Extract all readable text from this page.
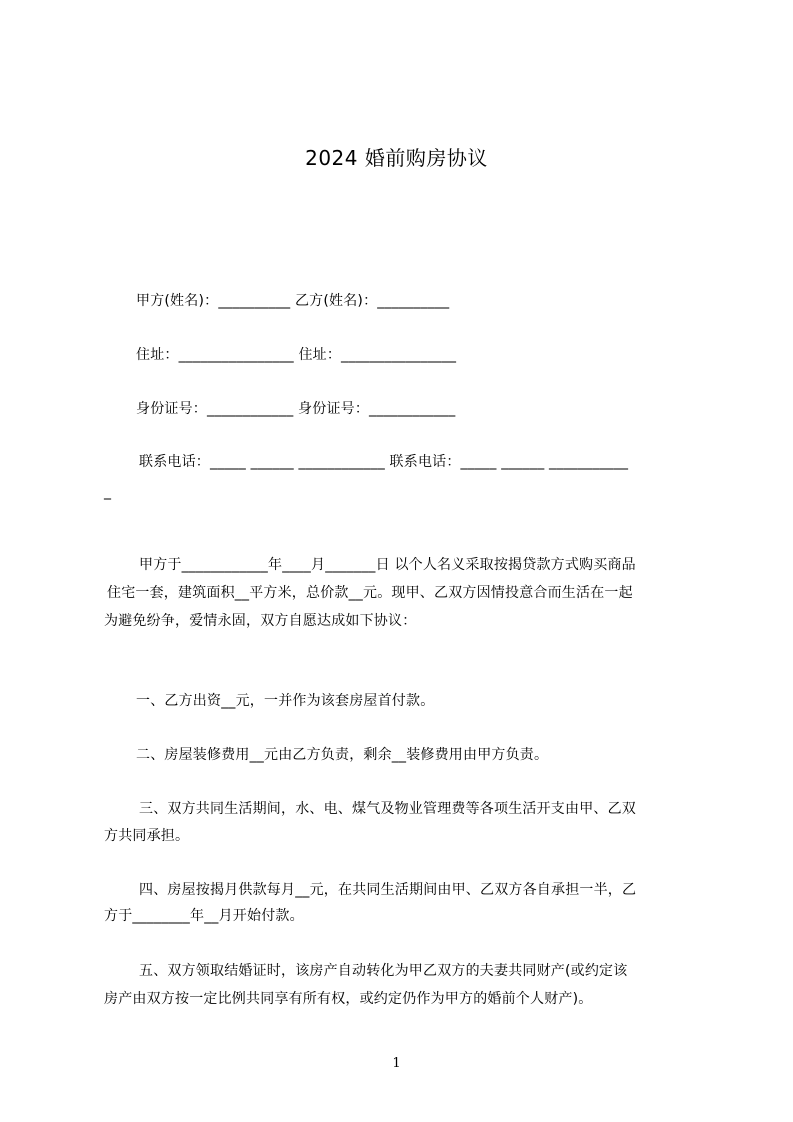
2024 婚前购房协议
甲方(姓名)：__________ 乙方(姓名)：__________
住址：________________ 住址：________________
身份证号：____________ 身份证号：____________
联系电话：_____ ______ ____________ 联系电话：_____ ______ ___________
_
甲方于____________年____月_______日 以个人名义采取按揭贷款方式购买商品
住宅一套，建筑面积__平方米，总价款__元。现甲、乙双方因情投意合而生活在一起
为避免纷争，爱情永固，双方自愿达成如下协议：
一、乙方出资__元，一并作为该套房屋首付款。
二、房屋装修费用__元由乙方负责，剩余__装修费用由甲方负责。
三、双方共同生活期间，水、电、煤气及物业管理费等各项生活开支由甲、乙双
方共同承担。
四、房屋按揭月供款每月__元，在共同生活期间由甲、乙双方各自承担一半，乙
方于________年__月开始付款。
五、双方领取结婚证时，该房产自动转化为甲乙双方的夫妻共同财产(或约定该
房产由双方按一定比例共同享有所有权，或约定仍作为甲方的婚前个人财产)。
1
